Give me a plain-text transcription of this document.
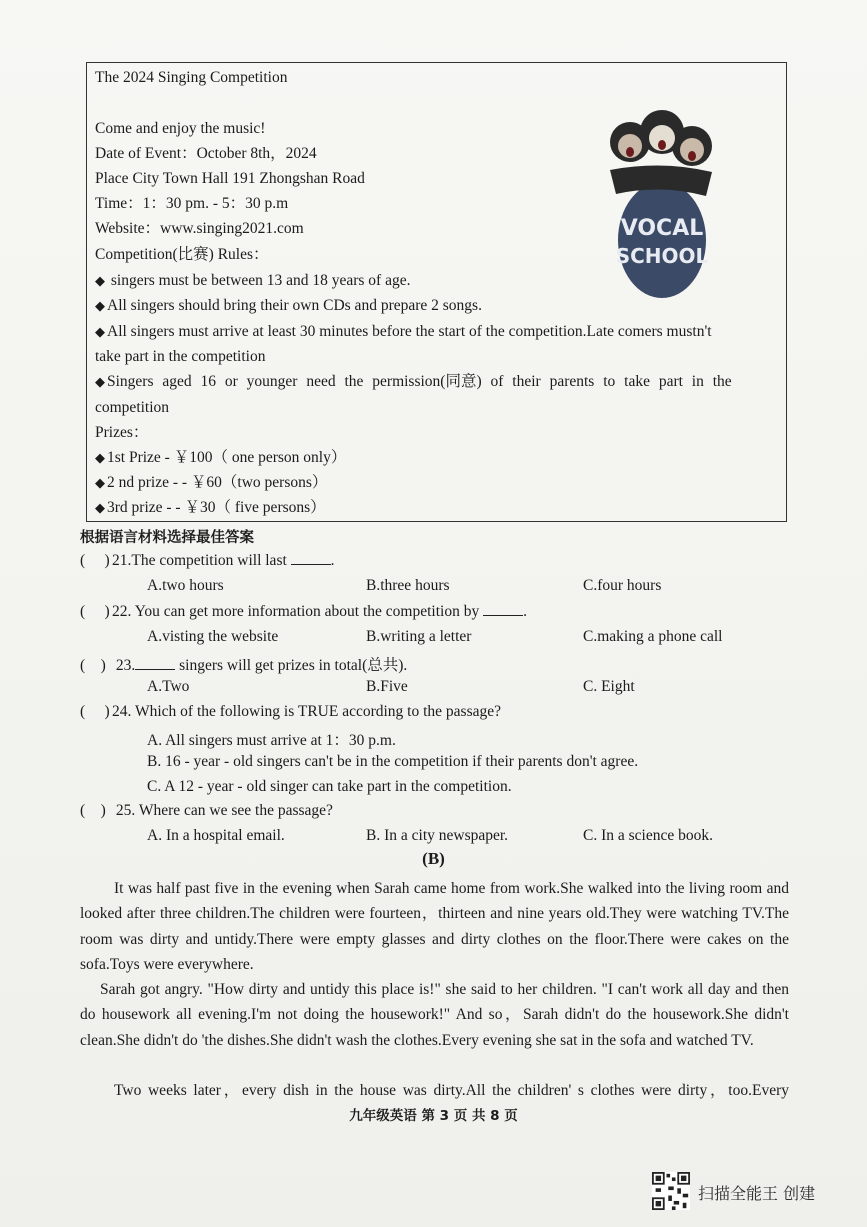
The 2024 Singing Competition
Come and enjoy the music!
Date of Event：October 8th，2024
Place City Town Hall 191 Zhongshan Road
Time：1：30 pm. - 5：30 p.m
Website：www.singing2021.com
Competition(比赛) Rules：
◆ singers must be between 13 and 18 years of age.
◆ All singers should bring their own CDs and prepare 2 songs.
◆ All singers must arrive at least 30 minutes before the start of the competition.Late comers mustn't
take part in the competition
◆ Singers aged 16 or younger need the permission(同意) of their parents to take part in the
competition
Prizes：
◆ 1st Prize - ￥100（ one person only）
◆ 2 nd prize - - ￥60（two persons）
◆ 3rd prize - - ￥30（ five persons）
VOCAL
SCHOOL
根据语言材料选择最佳答案
(     ) 21.The competition will last	.
A.two hours	B.three hours	C.four hours
(     ) 22. You can get more information about the competition by	.
A.visting the website	B.writing a letter	C.making a phone call
(    ) 23.	singers will get prizes in total(总共).
A.Two	B.Five	C. Eight
(     ) 24. Which of the following is TRUE according to the passage?
A. All singers must arrive at 1：30 p.m.
B. 16 - year - old singers can't be in the competition if their parents don't agree.
C. A 12 - year - old singer can take part in the competition.
(    ) 25. Where can we see the passage?
A. In a hospital email.	B. In a city newspaper.	C. In a science book.
(B)
It was half past five in the evening when Sarah came home from work.She walked into the living room and looked after three children.The children were fourteen，thirteen and nine years old.They were watching TV.The room was dirty and untidy.There were empty glasses and dirty clothes on the floor.There were cakes on the sofa.Toys were everywhere.
Sarah got angry. "How dirty and untidy this place is!" she said to her children. "I can't work all day and then do housework all evening.I'm not doing the housework!" And so，Sarah didn't do the housework.She didn't clean.She didn't do 'the dishes.She didn't wash the clothes.Every evening she sat in the sofa and watched TV.
Two weeks later，every dish in the house was dirty.All the children' s clothes were dirty，too.Every
九年级英语 第 3 页 共 8 页
扫描全能王 创建
